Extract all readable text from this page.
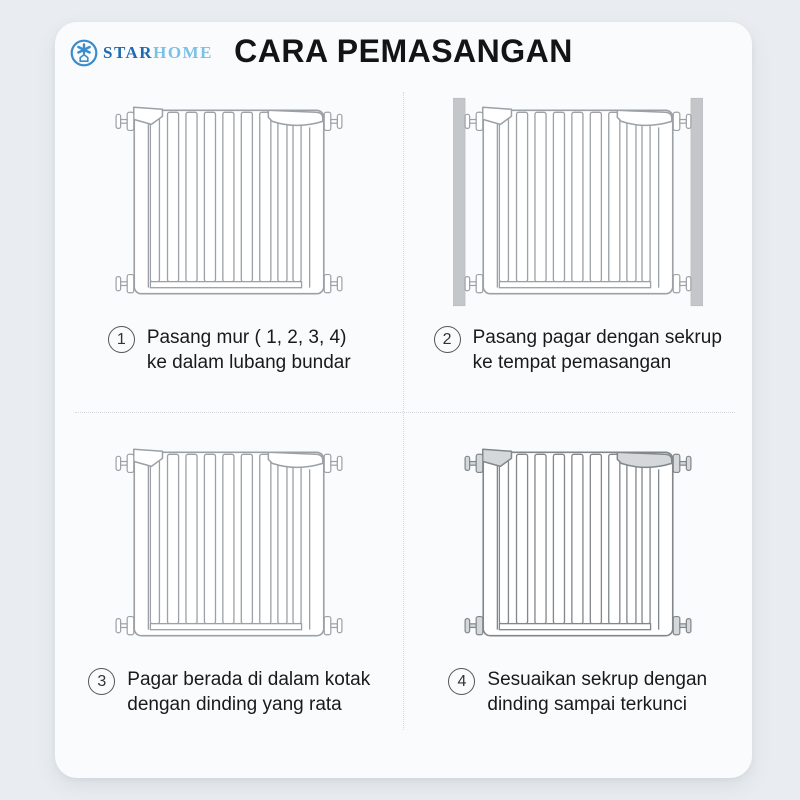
STARHOME CARA PEMASANGAN
1	Pasang mur ( 1, 2, 3, 4)
ke dalam lubang bundar
2	Pasang pagar dengan sekrup
ke tempat pemasangan
3	Pagar berada di dalam kotak
dengan dinding yang rata
4	Sesuaikan sekrup dengan
dinding sampai terkunci
